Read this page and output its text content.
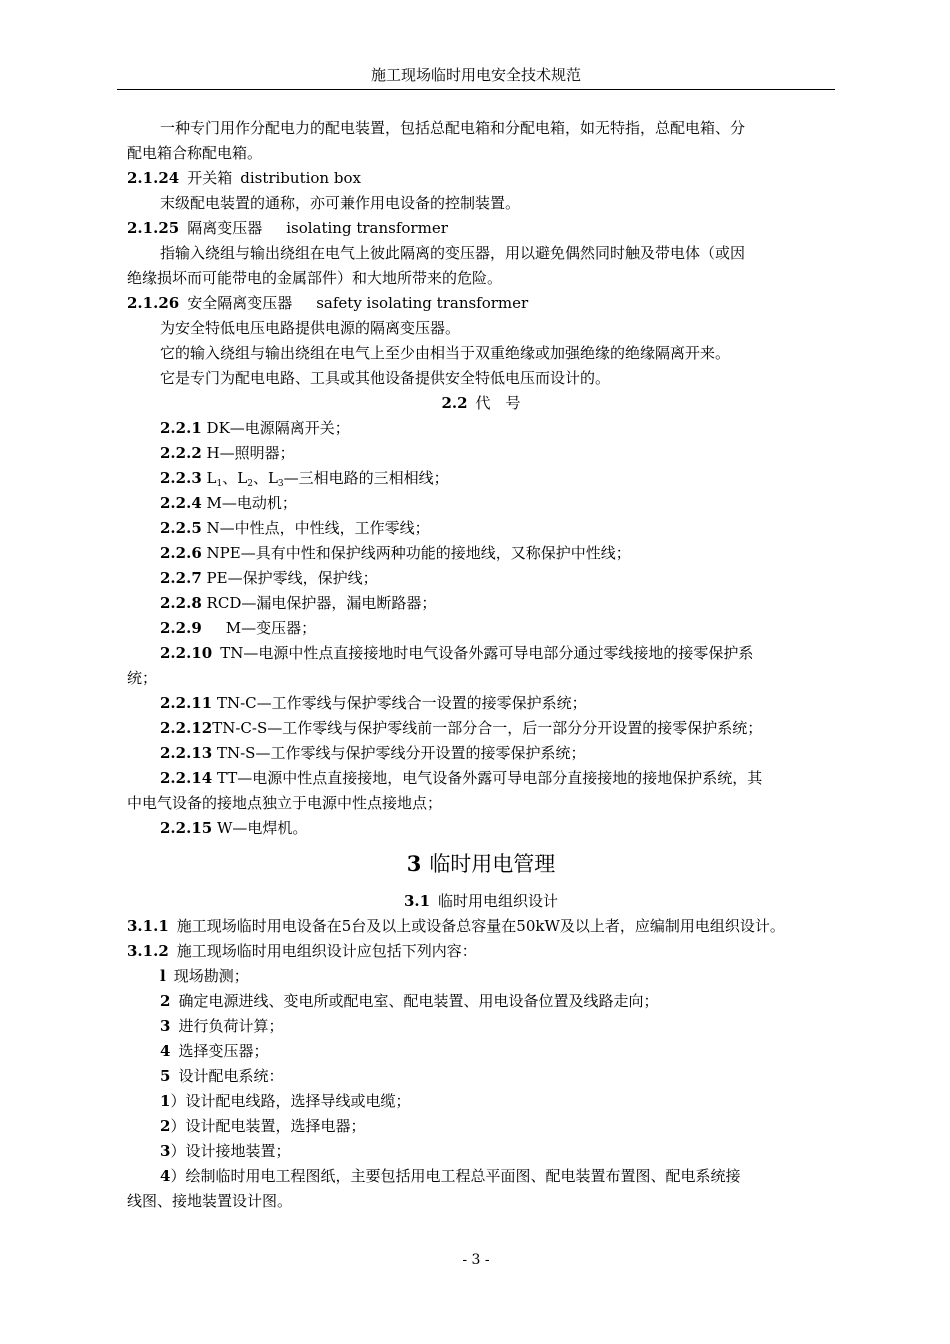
施工现场临时用电安全技术规范
一种专门用作分配电力的配电装置，包括总配电箱和分配电箱，如无特指，总配电箱、分
配电箱合称配电箱。
2.1.24 开关箱 distribution box
末级配电装置的通称，亦可兼作用电设备的控制装置。
2.1.25 隔离变压器 isolating transformer
指输入绕组与输出绕组在电气上彼此隔离的变压器，用以避免偶然同时触及带电体（或因
绝缘损坏而可能带电的金属部件）和大地所带来的危险。
2.1.26 安全隔离变压器 safety isolating transformer
为安全特低电压电路提供电源的隔离变压器。
它的输入绕组与输出绕组在电气上至少由相当于双重绝缘或加强绝缘的绝缘隔离开来。
它是专门为配电电路、工具或其他设备提供安全特低电压而设计的。
2.2 代　号
2.2.1 DK—电源隔离开关；
2.2.2 H—照明器；
2.2.3 $L_1$、$L_2$、$L_3—$三相电路的三相相线；
2.2.4 M—电动机；
2.2.5 N—中性点，中性线，工作零线；
2.2.6 NPE—具有中性和保护线两种功能的接地线，又称保护中性线；
2.2.7 PE—保护零线，保护线；
2.2.8 RCD—漏电保护器，漏电断路器；
2.2.9 M—变压器；
2.2.10 TN—电源中性点直接接地时电气设备外露可导电部分通过零线接地的接零保护系
统；
2.2.11 TN-C—工作零线与保护零线合一设置的接零保护系统；
2.2.12TN-C-S—工作零线与保护零线前一部分合一，后一部分分开设置的接零保护系统；
2.2.13 TN-S—工作零线与保护零线分开设置的接零保护系统；
2.2.14 TT—电源中性点直接接地，电气设备外露可导电部分直接接地的接地保护系统，其
中电气设备的接地点独立于电源中性点接地点；
2.2.15 W—电焊机。
3 临时用电管理
3.1 临时用电组织设计
3.1.1 施工现场临时用电设备在5台及以上或设备总容量在50kW及以上者，应编制用电组织设计。
3.1.2 施工现场临时用电组织设计应包括下列内容：
l 现场勘测；
2 确定电源进线、变电所或配电室、配电装置、用电设备位置及线路走向；
3 进行负荷计算；
4 选择变压器；
5 设计配电系统：
1）设计配电线路，选择导线或电缆；
2）设计配电装置，选择电器；
3）设计接地装置；
4）绘制临时用电工程图纸，主要包括用电工程总平面图、配电装置布置图、配电系统接
线图、接地装置设计图。
- 3 -
